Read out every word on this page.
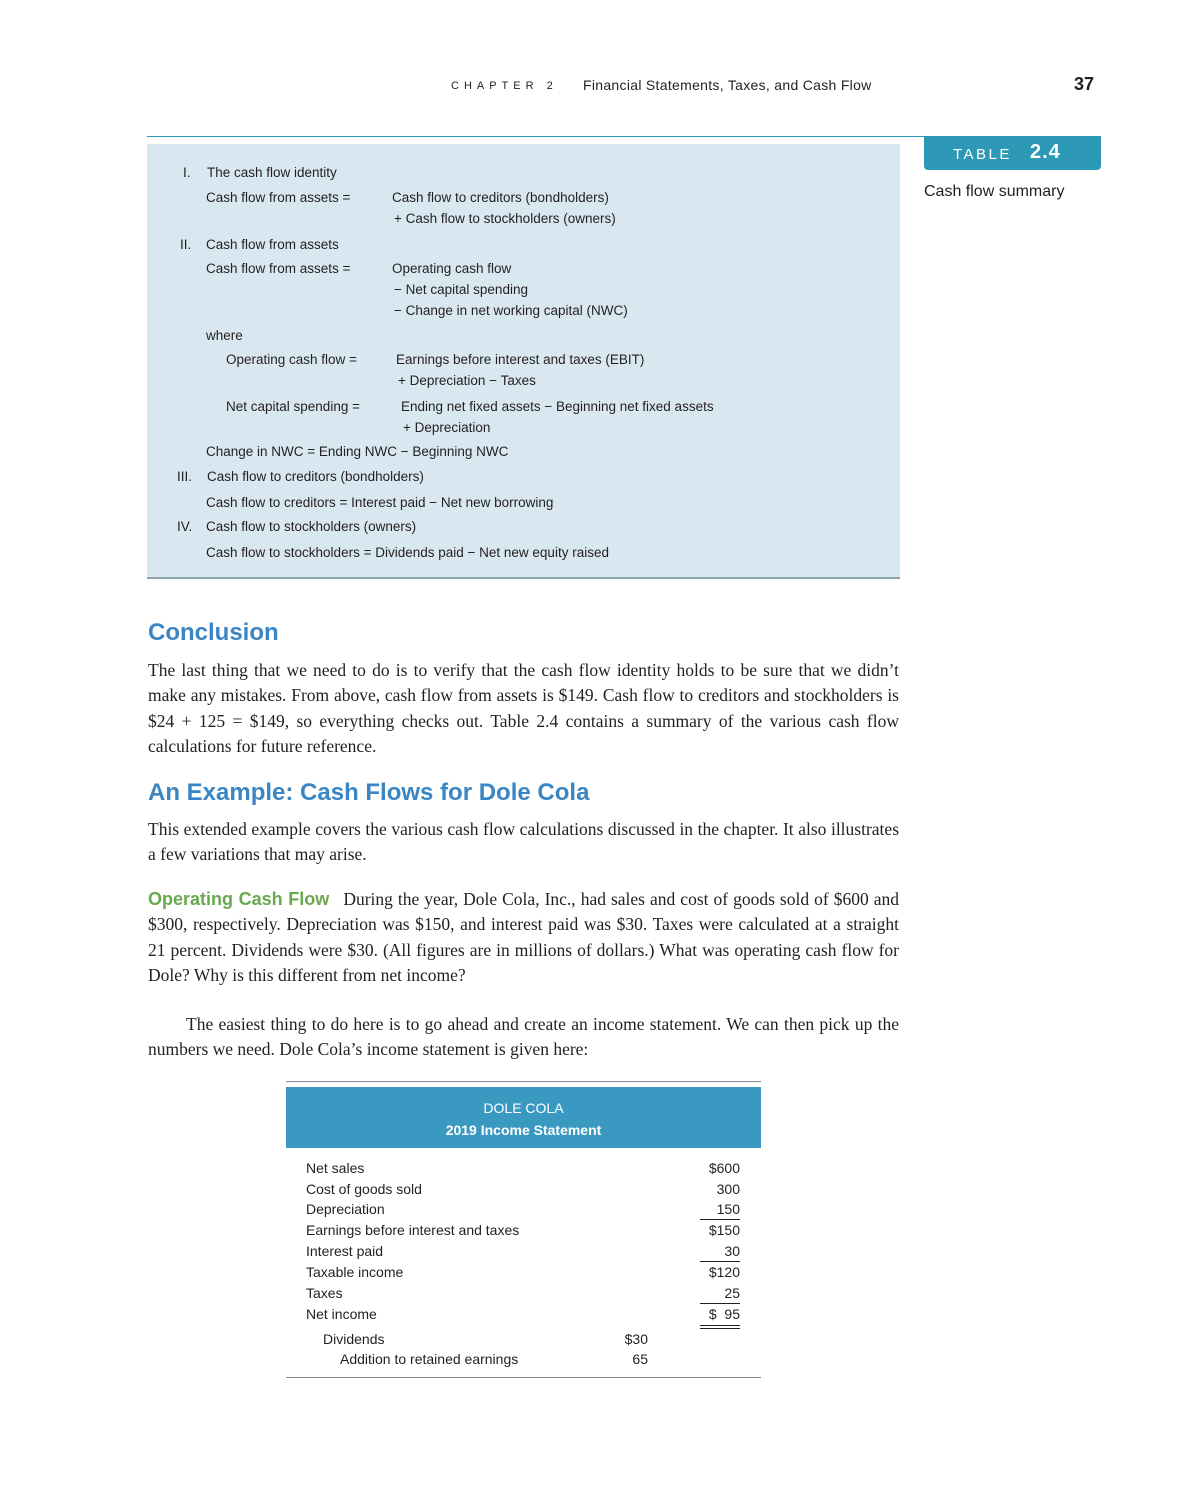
CHAPTER 2 Financial Statements, Taxes, and Cash Flow	37
TABLE 2.4
Cash flow summary
I. The cash flow identity
Cash flow from assets =	Cash flow to creditors (bondholders)
+ Cash flow to stockholders (owners)
II. Cash flow from assets
Cash flow from assets =	Operating cash flow
− Net capital spending
− Change in net working capital (NWC)
where
Operating cash flow =	Earnings before interest and taxes (EBIT)
+ Depreciation − Taxes
Net capital spending =	Ending net fixed assets − Beginning net fixed assets
+ Depreciation
Change in NWC = Ending NWC − Beginning NWC
III. Cash flow to creditors (bondholders)
Cash flow to creditors = Interest paid − Net new borrowing
IV. Cash flow to stockholders (owners)
Cash flow to stockholders = Dividends paid − Net new equity raised
Conclusion
The last thing that we need to do is to verify that the cash flow identity holds to be sure that we didn’t make any mistakes. From above, cash flow from assets is $149. Cash flow to creditors and stockholders is $24 + 125 = $149, so everything checks out. Table 2.4 contains a summary of the various cash flow calculations for future reference.
An Example: Cash Flows for Dole Cola
This extended example covers the various cash flow calculations discussed in the chapter. It also illustrates a few variations that may arise.
Operating Cash Flow During the year, Dole Cola, Inc., had sales and cost of goods sold of $600 and $300, respectively. Depreciation was $150, and interest paid was $30. Taxes were calculated at a straight 21 percent. Dividends were $30. (All figures are in millions of dollars.) What was operating cash flow for Dole? Why is this different from net income?
The easiest thing to do here is to go ahead and create an income statement. We can then pick up the numbers we need. Dole Cola’s income statement is given here:
DOLE COLA
2019 Income Statement
Net sales	$600
Cost of goods sold	300
Depreciation	150
Earnings before interest and taxes	$150
Interest paid	30
Taxable income	$120
Taxes	25
Net income	$  95
Dividends	$30
Addition to retained earnings	65
